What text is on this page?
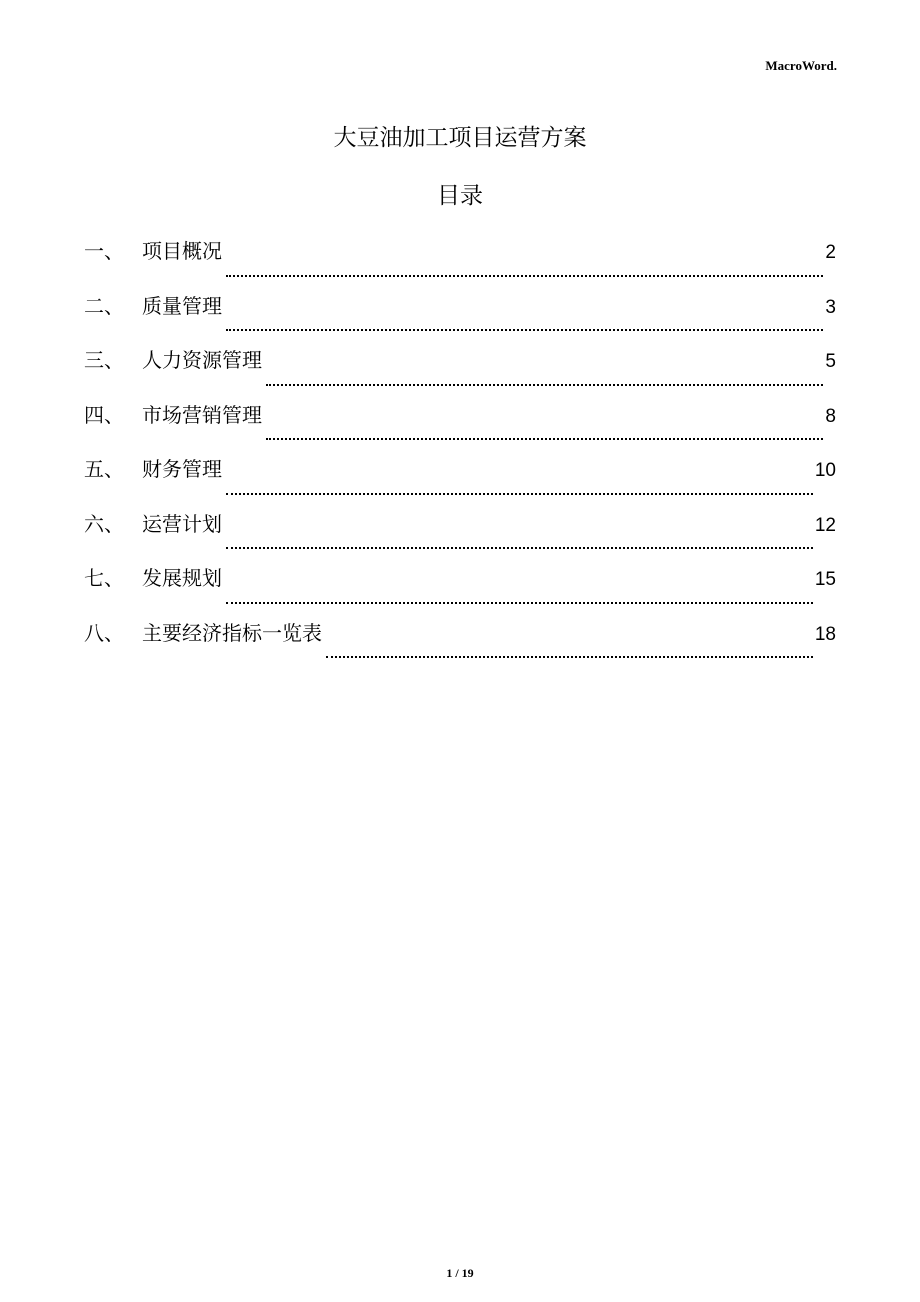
MacroWord.
大豆油加工项目运营方案
目录
一、 项目概况	2
二、 质量管理	3
三、 人力资源管理	5
四、 市场营销管理	8
五、 财务管理	10
六、 运营计划	12
七、 发展规划	15
八、 主要经济指标一览表	18
1 / 19
